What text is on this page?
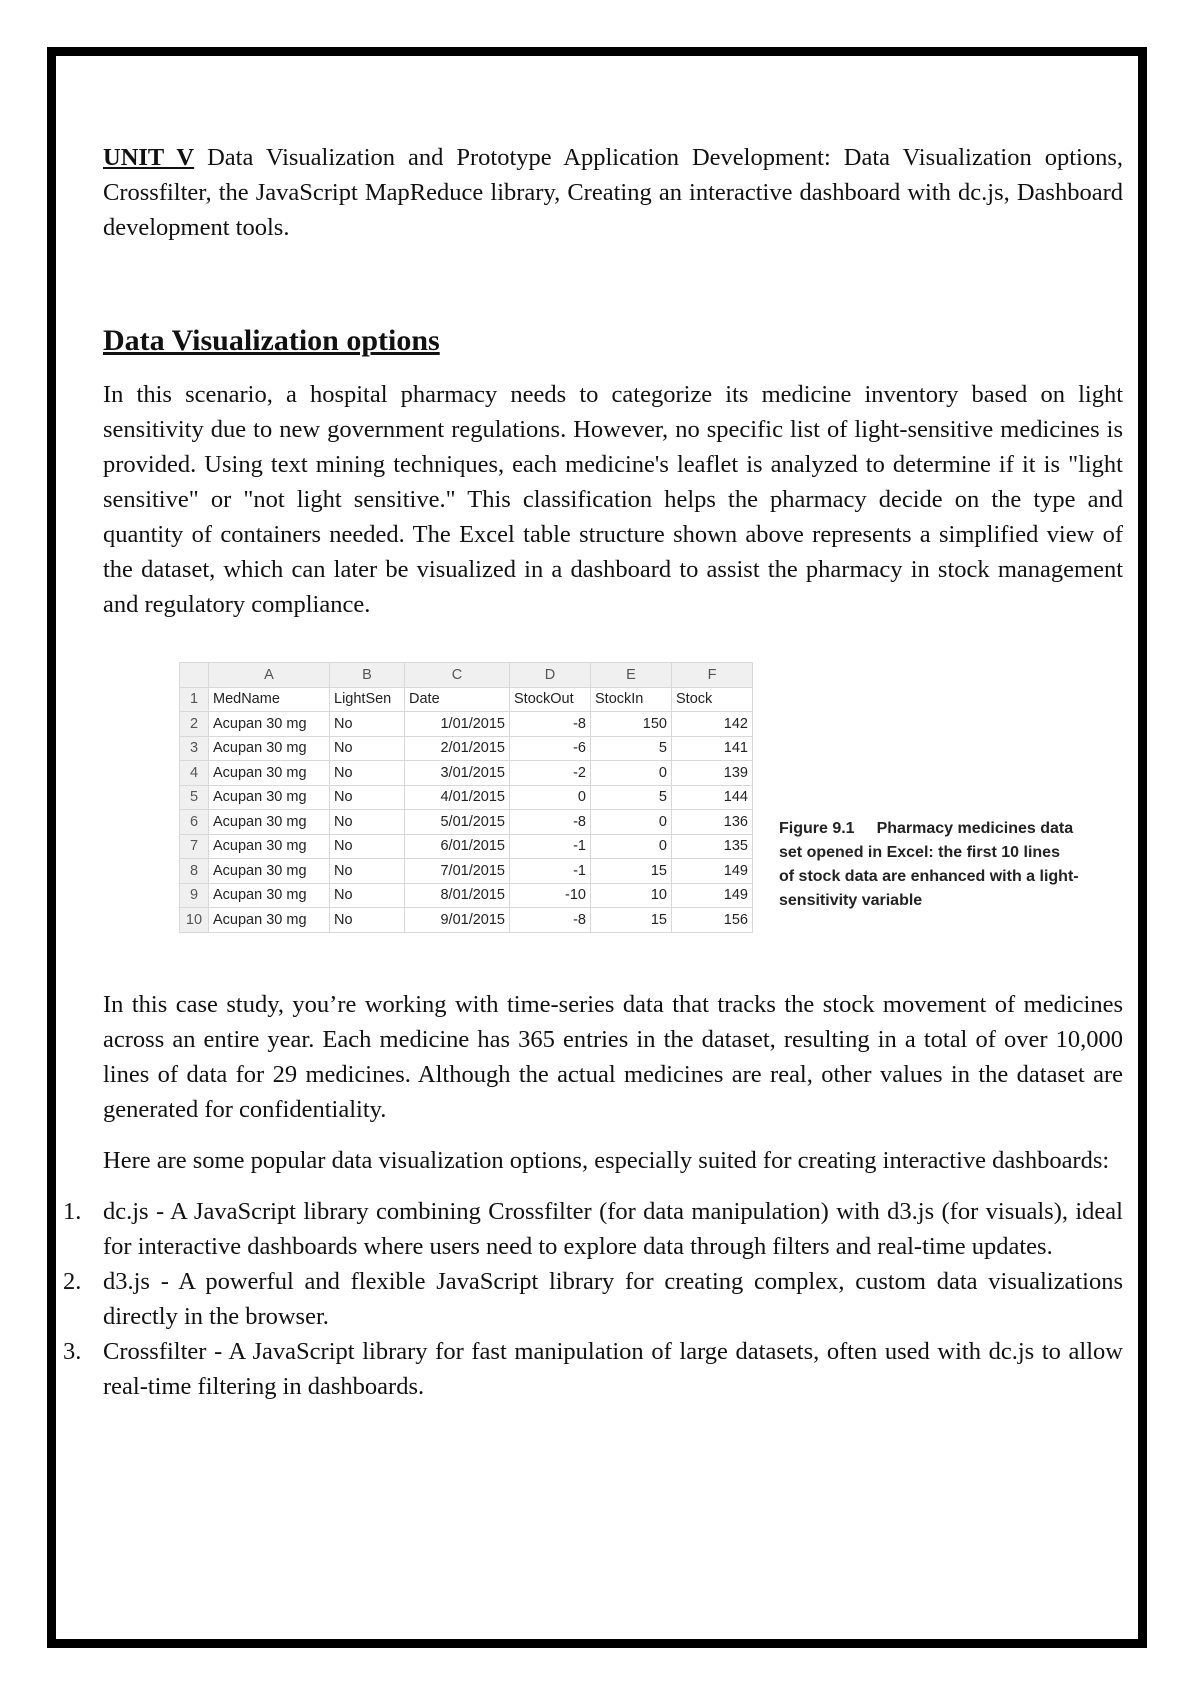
UNIT V Data Visualization and Prototype Application Development: Data Visualization options, Crossfilter, the JavaScript MapReduce library, Creating an interactive dashboard with dc.js, Dashboard development tools.

Data Visualization options

In this scenario, a hospital pharmacy needs to categorize its medicine inventory based on light sensitivity due to new government regulations. However, no specific list of light-sensitive medicines is provided. Using text mining techniques, each medicine's leaflet is analyzed to determine if it is "light sensitive" or "not light sensitive." This classification helps the pharmacy decide on the type and quantity of containers needed. The Excel table structure shown above represents a simplified view of the dataset, which can later be visualized in a dashboard to assist the pharmacy in stock management and regulatory compliance.

	A	B	C	D	E	F
1	MedName	LightSen	Date	StockOut	StockIn	Stock
2	Acupan 30 mg	No	1/01/2015	-8	150	142
3	Acupan 30 mg	No	2/01/2015	-6	5	141
4	Acupan 30 mg	No	3/01/2015	-2	0	139
5	Acupan 30 mg	No	4/01/2015	0	5	144
6	Acupan 30 mg	No	5/01/2015	-8	0	136
7	Acupan 30 mg	No	6/01/2015	-1	0	135
8	Acupan 30 mg	No	7/01/2015	-1	15	149
9	Acupan 30 mg	No	8/01/2015	-10	10	149
10	Acupan 30 mg	No	9/01/2015	-8	15	156
Figure 9.1 Pharmacy medicines data set opened in Excel: the first 10 lines of stock data are enhanced with a light-sensitivity variable

In this case study, you’re working with time-series data that tracks the stock movement of medicines across an entire year. Each medicine has 365 entries in the dataset, resulting in a total of over 10,000 lines of data for 29 medicines. Although the actual medicines are real, other values in the dataset are generated for confidentiality.

Here are some popular data visualization options, especially suited for creating interactive dashboards:

1. dc.js - A JavaScript library combining Crossfilter (for data manipulation) with d3.js (for visuals), ideal for interactive dashboards where users need to explore data through filters and real-time updates.
2. d3.js - A powerful and flexible JavaScript library for creating complex, custom data visualizations directly in the browser.
3. Crossfilter - A JavaScript library for fast manipulation of large datasets, often used with dc.js to allow real-time filtering in dashboards.
